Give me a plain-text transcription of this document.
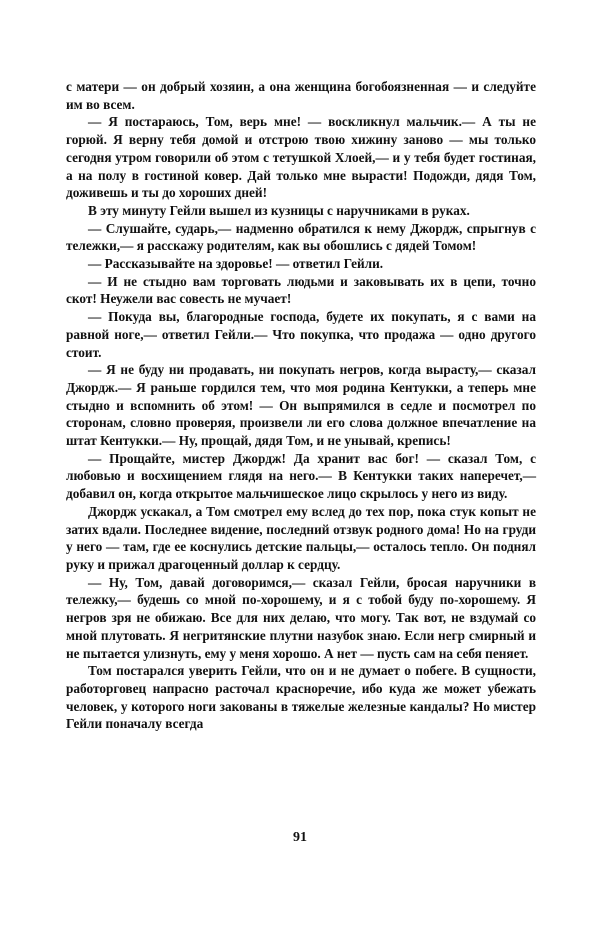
с матери — он добрый хозяин, а она женщина богобоязненная — и следуйте им во всем.

— Я постараюсь, Том, верь мне! — воскликнул мальчик.— А ты не горюй. Я верну тебя домой и отстрою твою хижину заново — мы только сегодня утром говорили об этом с тетушкой Хлоей,— и у тебя будет гостиная, а на полу в гостиной ковер. Дай только мне вырасти! Подожди, дядя Том, доживешь и ты до хороших дней!

В эту минуту Гейли вышел из кузницы с наручниками в руках.

— Слушайте, сударь,— надменно обратился к нему Джордж, спрыгнув с тележки,— я расскажу родителям, как вы обошлись с дядей Томом!

— Рассказывайте на здоровье! — ответил Гейли.

— И не стыдно вам торговать людьми и заковывать их в цепи, точно скот! Неужели вас совесть не мучает!

— Покуда вы, благородные господа, будете их покупать, я с вами на равной ноге,— ответил Гейли.— Что покупка, что продажа — одно другого стоит.

— Я не буду ни продавать, ни покупать негров, когда вырасту,— сказал Джордж.— Я раньше гордился тем, что моя родина Кентукки, а теперь мне стыдно и вспомнить об этом! — Он выпрямился в седле и посмотрел по сторонам, словно проверяя, произвели ли его слова должное впечатление на штат Кентукки.— Ну, прощай, дядя Том, и не унывай, крепись!

— Прощайте, мистер Джордж! Да хранит вас бог! — сказал Том, с любовью и восхищением глядя на него.— В Кентукки таких наперечет,— добавил он, когда открытое мальчишеское лицо скрылось у него из виду.

Джордж ускакал, а Том смотрел ему вслед до тех пор, пока стук копыт не затих вдали. Последнее видение, последний отзвук родного дома! Но на груди у него — там, где ее коснулись детские пальцы,— осталось тепло. Он поднял руку и прижал драгоценный доллар к сердцу.

— Ну, Том, давай договоримся,— сказал Гейли, бросая наручники в тележку,— будешь со мной по-хорошему, и я с тобой буду по-хорошему. Я негров зря не обижаю. Все для них делаю, что могу. Так вот, не вздумай со мной плутовать. Я негритянские плутни назубок знаю. Если негр смирный и не пытается улизнуть, ему у меня хорошо. А нет — пусть сам на себя пеняет.

Том постарался уверить Гейли, что он и не думает о побеге. В сущности, работорговец напрасно расточал красноречие, ибо куда же может убежать человек, у которого ноги закованы в тяжелые железные кандалы? Но мистер Гейли поначалу всегда

91
